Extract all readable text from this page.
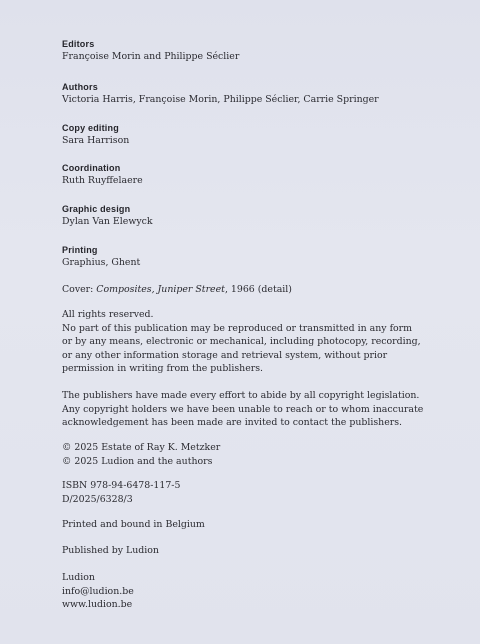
Editors
Françoise Morin and Philippe Séclier
Authors
Victoria Harris, Françoise Morin, Philippe Séclier, Carrie Springer
Copy editing
Sara Harrison
Coordination
Ruth Ruyffelaere
Graphic design
Dylan Van Elewyck
Printing
Graphius, Ghent
Cover: Composites, Juniper Street, 1966 (detail)
All rights reserved.
No part of this publication may be reproduced or transmitted in any form
or by any means, electronic or mechanical, including photocopy, recording,
or any other information storage and retrieval system, without prior
permission in writing from the publishers.
The publishers have made every effort to abide by all copyright legislation.
Any copyright holders we have been unable to reach or to whom inaccurate
acknowledgement has been made are invited to contact the publishers.
© 2025 Estate of Ray K. Metzker
© 2025 Ludion and the authors
ISBN 978-94-6478-117-5
D/2025/6328/3
Printed and bound in Belgium
Published by Ludion
Ludion
info@ludion.be
www.ludion.be
